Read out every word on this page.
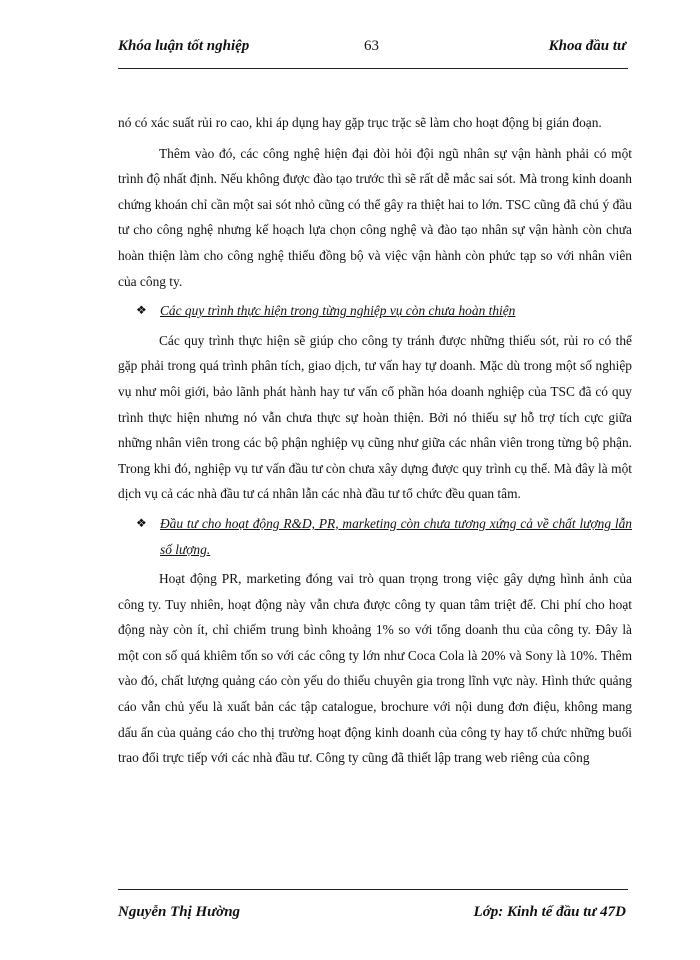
Khóa luận tốt nghiệp	63	Khoa đầu tư

nó có xác suất rủi ro cao, khi áp dụng hay gặp trục trặc sẽ làm cho hoạt động bị gián đoạn.

Thêm vào đó, các công nghệ hiện đại đòi hỏi đội ngũ nhân sự vận hành phải có một trình độ nhất định. Nếu không được đào tạo trước thì sẽ rất dễ mắc sai sót. Mà trong kinh doanh chứng khoán chỉ cần một sai sót nhỏ cũng có thể gây ra thiệt hai to lớn. TSC cũng đã chú ý đầu tư cho công nghệ nhưng kế hoạch lựa chọn công nghệ và đào tạo nhân sự vận hành còn chưa hoàn thiện làm cho công nghệ thiếu đồng bộ và việc vận hành còn phức tạp so với nhân viên của công ty.

❖ Các quy trình thực hiện trong từng nghiệp vụ còn chưa hoàn thiện

Các quy trình thực hiện sẽ giúp cho công ty tránh được những thiếu sót, rủi ro có thể gặp phải trong quá trình phân tích, giao dịch, tư vấn hay tự doanh. Mặc dù trong một số nghiệp vụ như môi giới, bảo lãnh phát hành hay tư vấn cổ phần hóa doanh nghiệp của TSC đã có quy trình thực hiện nhưng nó vẫn chưa thực sự hoàn thiện. Bởi nó thiếu sự hỗ trợ tích cực giữa những nhân viên trong các bộ phận nghiệp vụ cũng như giữa các nhân viên trong từng bộ phận. Trong khi đó, nghiệp vụ tư vấn đầu tư còn chưa xây dựng được quy trình cụ thể. Mà đây là một dịch vụ cả các nhà đầu tư cá nhân lẫn các nhà đầu tư tổ chức đều quan tâm.

❖ Đầu tư cho hoạt động R&D, PR, marketing còn chưa tương xứng cả về chất lượng lẫn số lượng.

Hoạt động PR, marketing đóng vai trò quan trọng trong việc gây dựng hình ảnh của công ty. Tuy nhiên, hoạt động này vẫn chưa được công ty quan tâm triệt để. Chi phí cho hoạt động này còn ít, chỉ chiếm trung bình khoảng 1% so với tổng doanh thu của công ty. Đây là một con số quá khiêm tốn so với các công ty lớn như Coca Cola là 20% và Sony là 10%. Thêm vào đó, chất lượng quảng cáo còn yếu do thiếu chuyên gia trong lĩnh vực này. Hình thức quảng cáo vẫn chủ yếu là xuất bản các tập catalogue, brochure với nội dung đơn điệu, không mang dấu ấn của quảng cáo cho thị trường hoạt động kinh doanh của công ty hay tổ chức những buổi trao đổi trực tiếp với các nhà đầu tư. Công ty cũng đã thiết lập trang web riêng của công

Nguyễn Thị Hường	Lớp: Kinh tế đầu tư 47D
